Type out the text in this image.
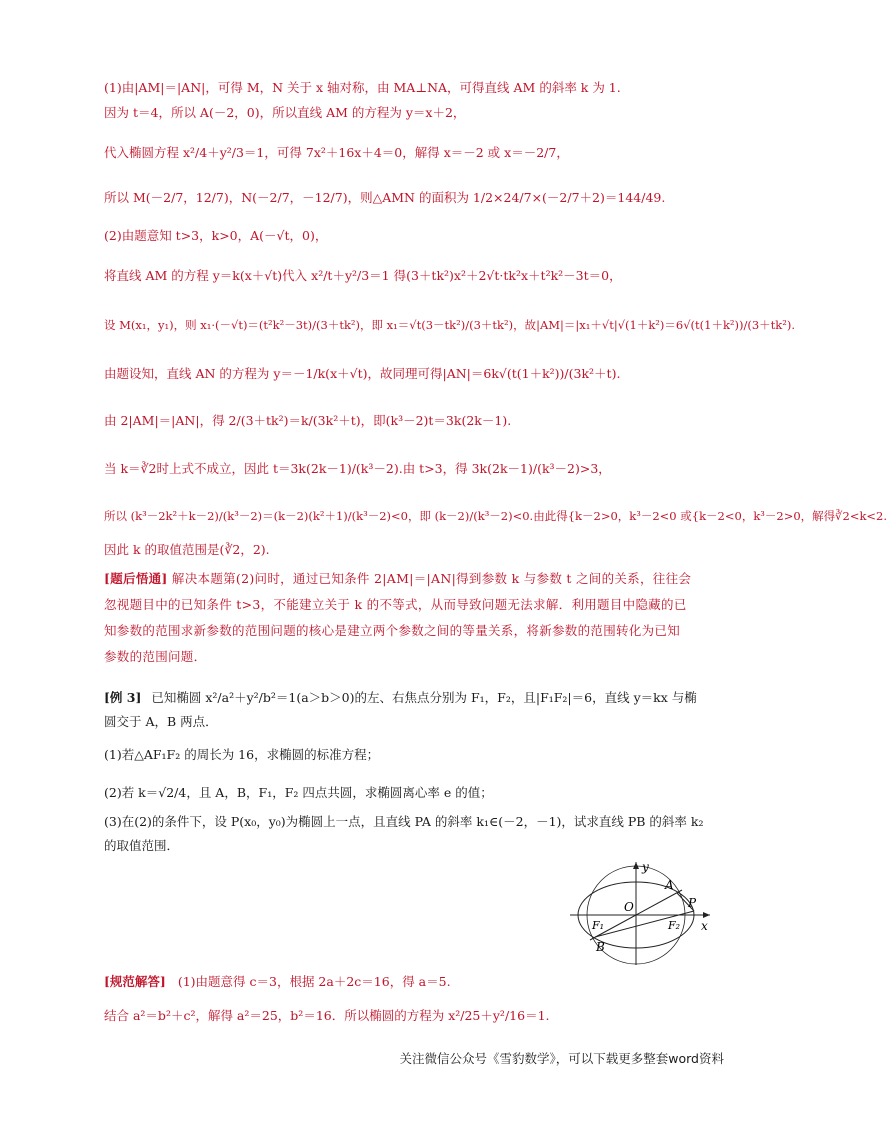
(1)由|AM|＝|AN|，可得 M，N 关于 x 轴对称，由 MA⊥NA，可得直线 AM 的斜率 k 为 1.
因为 t＝4，所以 A(－2，0)，所以直线 AM 的方程为 y＝x＋2，
代入椭圆方程 x²/4＋y²/3＝1，可得 7x²＋16x＋4＝0，解得 x＝－2 或 x＝－2/7，
所以 M(－2/7，12/7)，N(－2/7，－12/7)，则△AMN 的面积为 1/2×24/7×(－2/7＋2)＝144/49.
(2)由题意知 t>3，k>0，A(－√t，0)，
将直线 AM 的方程 y＝k(x＋√t)代入 x²/t＋y²/3＝1 得(3＋tk²)x²＋2√t·tk²x＋t²k²－3t＝0，
设 M(x₁，y₁)，则 x₁·(－√t)＝(t²k²－3t)/(3＋tk²)，即 x₁＝√t(3－tk²)/(3＋tk²)，故|AM|＝|x₁＋√t|√(1＋k²)＝6√(t(1＋k²))/(3＋tk²).
由题设知，直线 AN 的方程为 y＝－1/k(x＋√t)，故同理可得|AN|＝6k√(t(1＋k²))/(3k²＋t).
由 2|AM|＝|AN|，得 2/(3＋tk²)＝k/(3k²＋t)，即(k³－2)t＝3k(2k－1).
当 k＝∛2时上式不成立，因此 t＝3k(2k－1)/(k³－2).由 t>3，得 3k(2k－1)/(k³－2)>3，
所以 (k³－2k²＋k－2)/(k³－2)＝(k－2)(k²＋1)/(k³－2)<0，即 (k－2)/(k³－2)<0.由此得{k－2>0，k³－2<0 或{k－2<0，k³－2>0，解得∛2<k<2.
因此 k 的取值范围是(∛2，2).
[题后悟通] 解决本题第(2)问时，通过已知条件 2|AM|＝|AN|得到参数 k 与参数 t 之间的关系，往往会忽视题目中的已知条件 t>3，不能建立关于 k 的不等式，从而导致问题无法求解．利用题目中隐藏的已知参数的范围求新参数的范围问题的核心是建立两个参数之间的等量关系，将新参数的范围转化为已知参数的范围问题．
[例 3] 已知椭圆 x²/a²＋y²/b²＝1(a＞b＞0)的左、右焦点分别为 F₁，F₂，且|F₁F₂|＝6，直线 y＝kx 与椭圆交于 A，B 两点．
(1)若△AF₁F₂ 的周长为 16，求椭圆的标准方程；
(2)若 k＝√2/4，且 A，B，F₁，F₂ 四点共圆，求椭圆离心率 e 的值；
(3)在(2)的条件下，设 P(x₀，y₀)为椭圆上一点，且直线 PA 的斜率 k₁∈(－2，－1)，试求直线 PB 的斜率 k₂ 的取值范围．
y
x
A
O	P
F₁	F₂
B
[规范解答] (1)由题意得 c＝3，根据 2a＋2c＝16，得 a＝5.
结合 a²＝b²＋c²，解得 a²＝25，b²＝16．所以椭圆的方程为 x²/25＋y²/16＝1.
关注微信公众号《雪豹数学》，可以下载更多整套word资料
